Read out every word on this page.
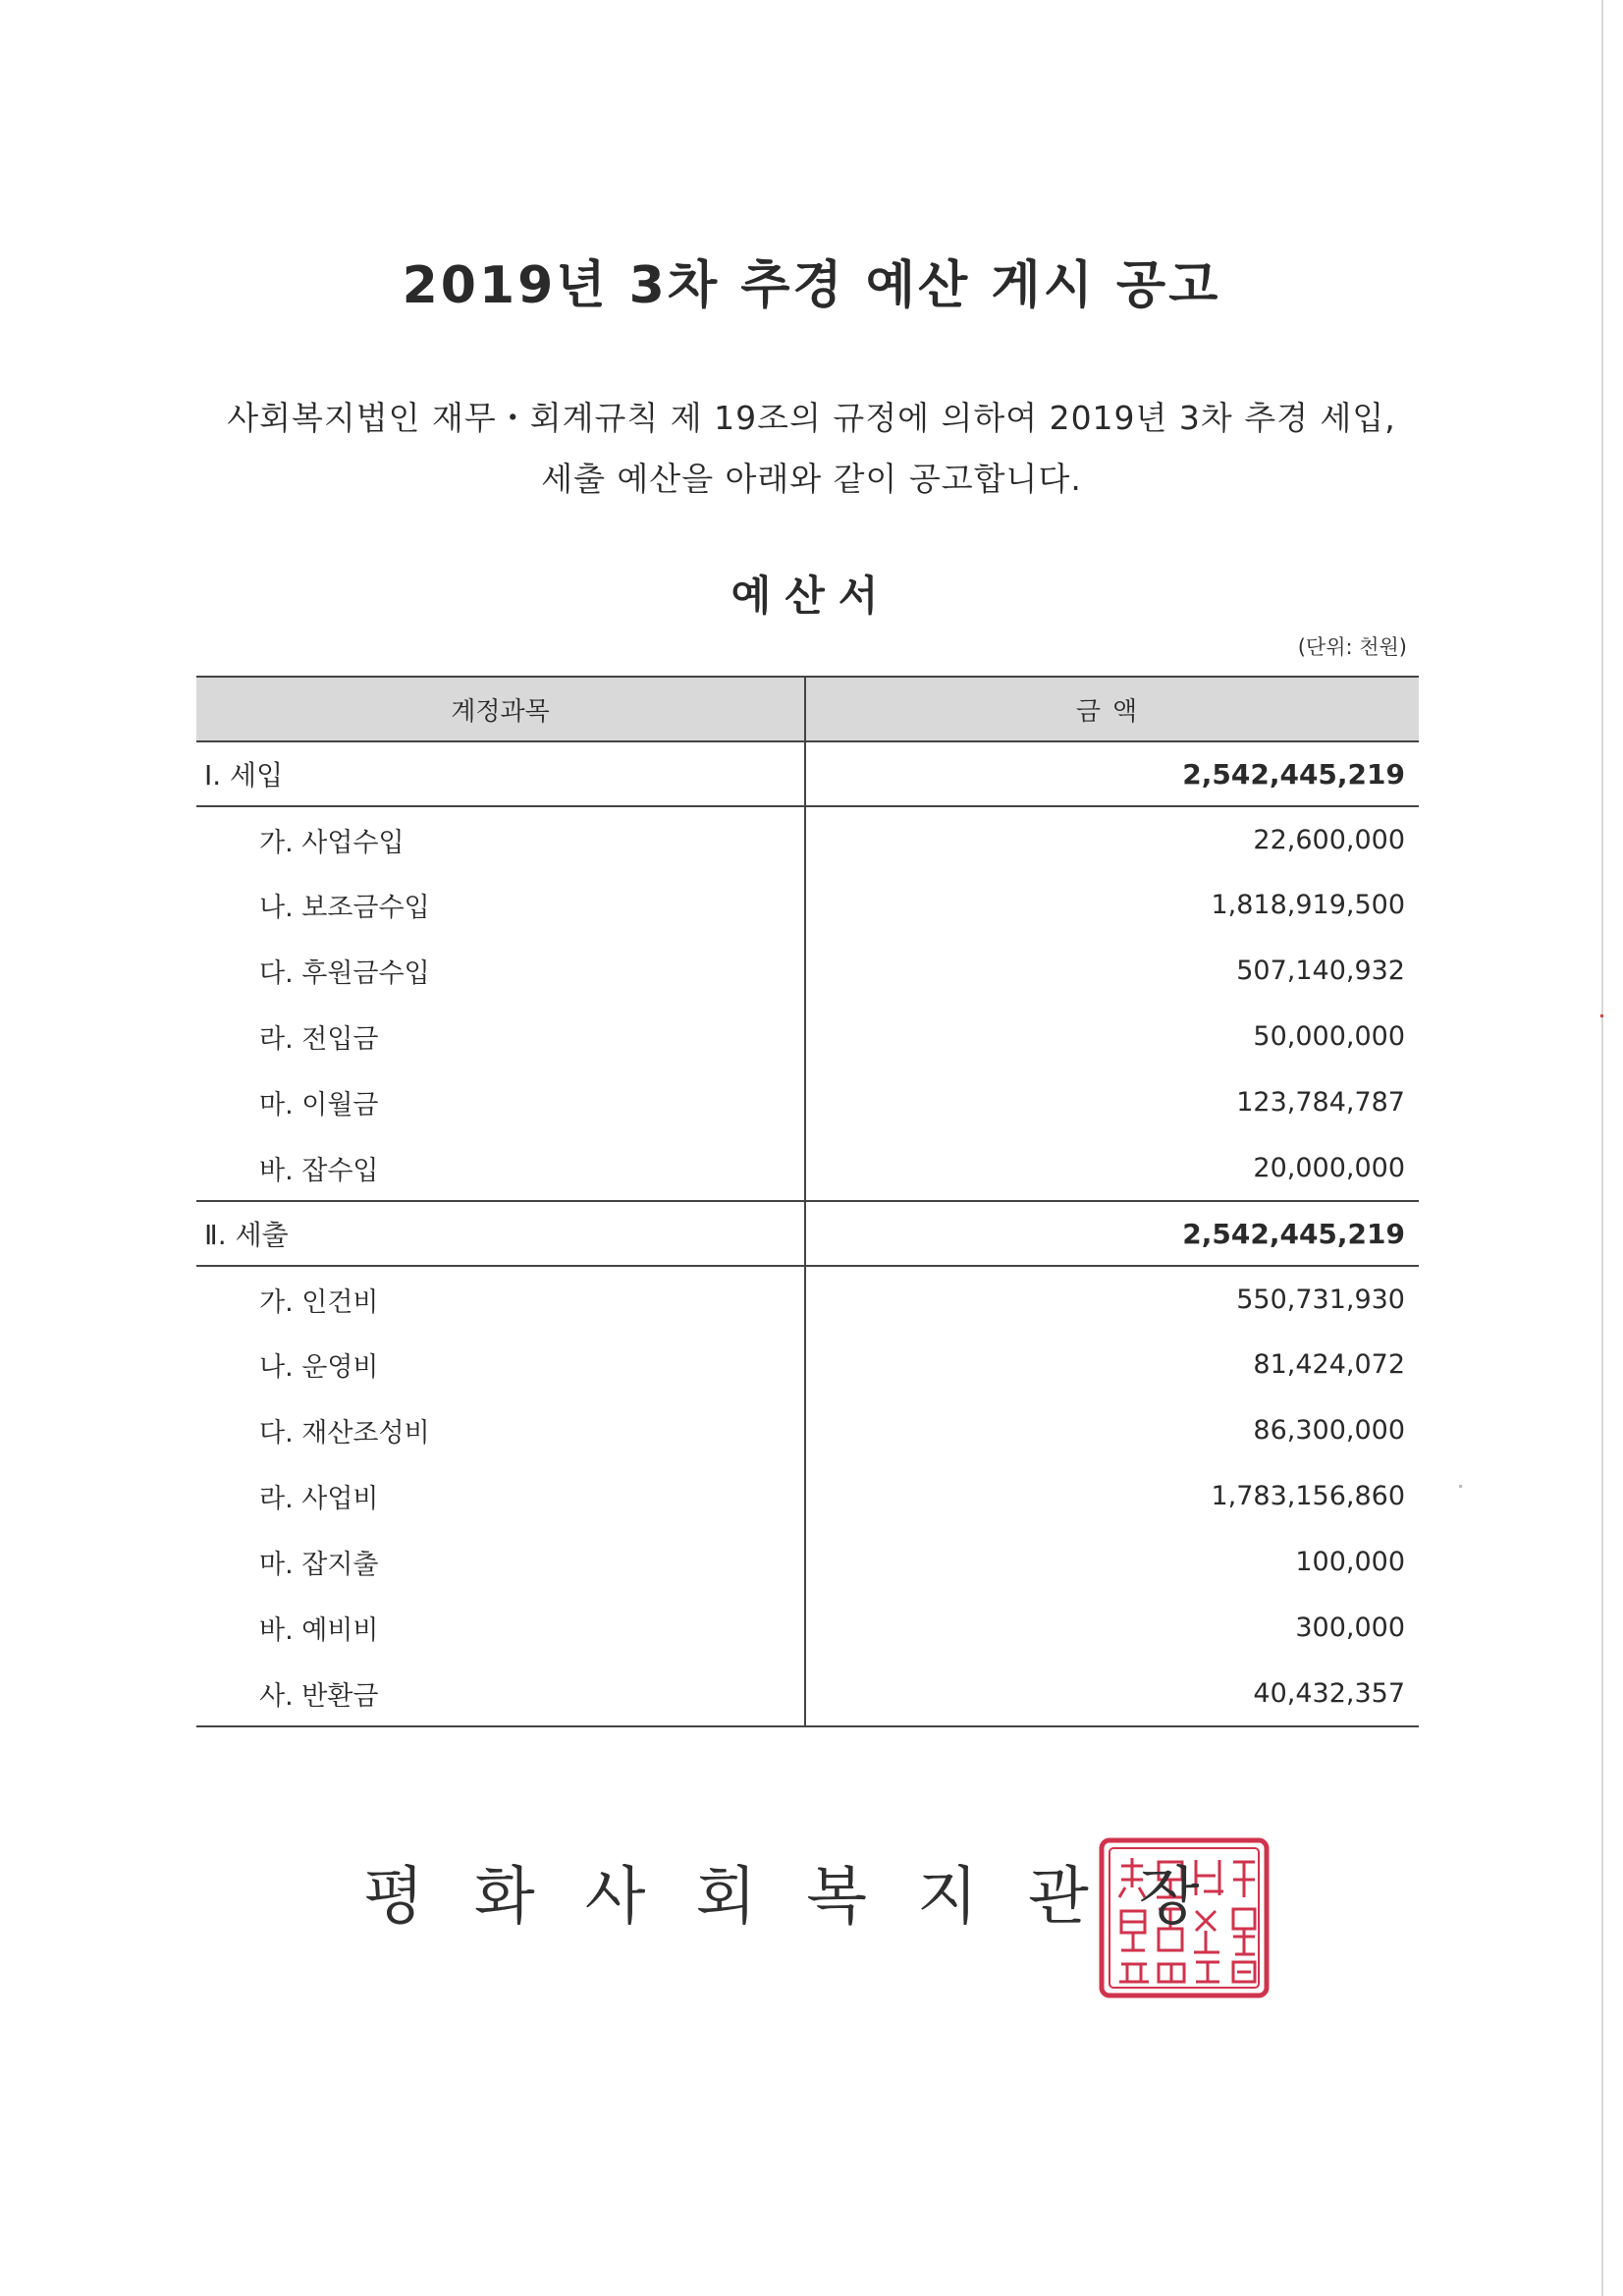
2019년 3차 추경 예산 게시 공고
사회복지법인 재무・회계규칙 제 19조의 규정에 의하여 2019년 3차 추경 세입,
세출 예산을 아래와 같이 공고합니다.
예산서
(단위: 천원)
계정과목	금액
Ⅰ. 세입	2,542,445,219
가. 사업수입	22,600,000
나. 보조금수입	1,818,919,500
다. 후원금수입	507,140,932
라. 전입금	50,000,000
마. 이월금	123,784,787
바. 잡수입	20,000,000
Ⅱ. 세출	2,542,445,219
가. 인건비	550,731,930
나. 운영비	81,424,072
다. 재산조성비	86,300,000
라. 사업비	1,783,156,860
마. 잡지출	100,000
바. 예비비	300,000
사. 반환금	40,432,357
평화사회복지관장
